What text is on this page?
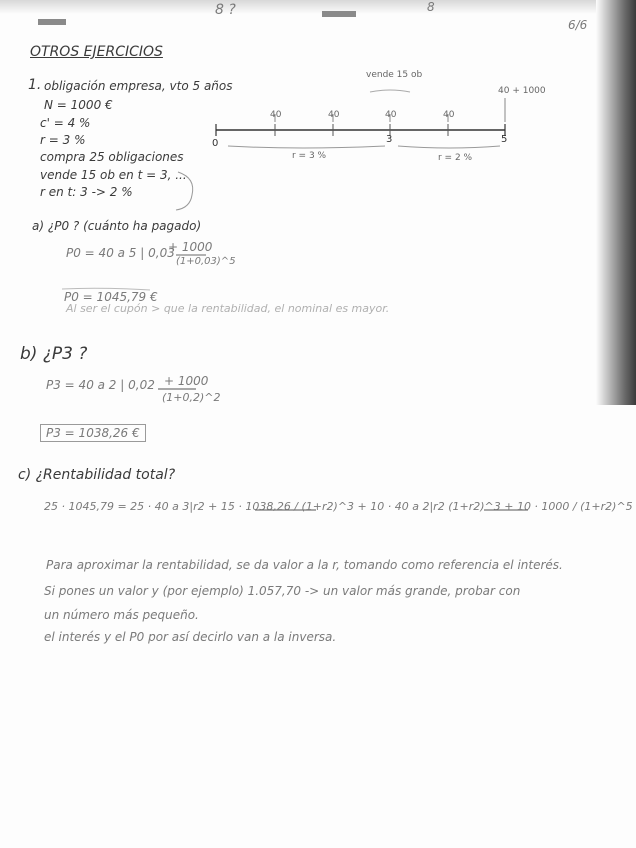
8 ?	8
6/6
OTROS EJERCICIOS
1. obligación empresa, vto 5 años
N = 1000 €
c' = 4 %
r = 3 %
compra 25 obligaciones
vende 15 ob en t = 3, ...
r en t: 3 -> 2 %
vende 15 ob
40	40	40	40
40 + 1000
0	3	5
r = 3 %	r = 2 %
a) ¿P0 ? (cuánto ha pagado)
P0 = 40 a 5 | 0,03
+ 1000
(1+0,03)^5
P0 = 1045,79 €
Al ser el cupón > que la rentabilidad, el nominal es mayor.
b) ¿P3 ?
P3 = 40 a 2 | 0,02 + 1000
(1+0,2)^2
P3 = 1038,26 €
c) ¿Rentabilidad total?
25 · 1045,79 = 25 · 40 a 3|r2 + 15 · 1038,26 / (1+r2)^3 + 10 · 40 a 2|r2 (1+r2)^3 + 10 · 1000 / (1+r2)^5
Para aproximar la rentabilidad, se da valor a la r, tomando como referencia el interés.
Si pones un valor y (por ejemplo) 1.057,70 -> un valor más grande, probar con
un número más pequeño.
el interés y el P0 por así decirlo van a la inversa.
